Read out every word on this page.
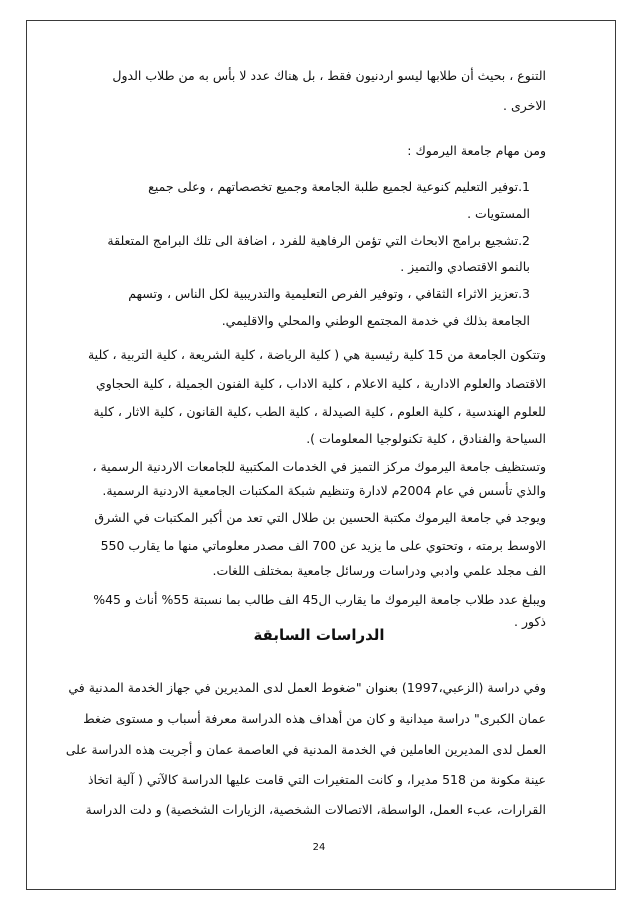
التنوع ، بحيث أن طلابها ليسو اردنيون فقط ، بل هناك عدد لا بأس به من طلاب الدول
الاخرى .
ومن مهام جامعة اليرموك :
1.توفير التعليم كنوعية لجميع طلبة الجامعة وجميع تخصصاتهم ، وعلى جميع
المستويات .
2.تشجيع برامج الابحاث التي تؤمن الرفاهية للفرد ، اضافة الى تلك البرامج المتعلقة
بالنمو الاقتصادي والتميز .
3.تعزيز الاثراء الثقافي ، وتوفير الفرص التعليمية والتدريبية لكل الناس ، وتسهم
الجامعة بذلك في خدمة المجتمع الوطني والمحلي والاقليمي.
وتتكون الجامعة من 15 كلية رئيسية هي ( كلية الرياضة ، كلية الشريعة ، كلية التربية ، كلية
الاقتصاد والعلوم الادارية ، كلية الاعلام ، كلية الاداب ، كلية الفنون الجميلة ، كلية الحجاوي
للعلوم الهندسية ، كلية العلوم ، كلية الصيدلة ، كلية الطب ،كلية القانون ، كلية الاثار ، كلية
السياحة والفنادق ، كلية تكنولوجيا المعلومات ).
وتستظيف جامعة اليرموك مركز التميز في الخدمات المكتبية للجامعات الاردنية الرسمية ،
والذي تأسس في عام 2004م لادارة وتنظيم شبكة المكتبات الجامعية الاردنية الرسمية.
ويوجد في جامعة اليرموك مكتبة الحسين بن طلال التي تعد من أكبر المكتبات في الشرق
الاوسط برمته ، وتحتوي على ما يزيد عن 700 الف مصدر معلوماتي منها ما يقارب 550
الف مجلد علمي وادبي ودراسات ورسائل جامعية بمختلف اللغات.
ويبلغ عدد طلاب جامعة اليرموك ما يقارب ال45 الف طالب بما نسبتة 55% أناث و 45%
ذكور .
الدراسات السابقة
وفي دراسة (الزعبي،1997) بعنوان "ضغوط العمل لدى المديرين في جهاز الخدمة المدنية في
عمان الكبرى" دراسة ميدانية و كان من أهداف هذه الدراسة معرفة أسباب و مستوى ضغط
العمل لدى المديرين العاملين في الخدمة المدنية في العاصمة عمان و أجريت هذه الدراسة على
عينة مكونة من 518 مديرا، و كانت المتغيرات التي قامت عليها الدراسة كالآتي ( آلية اتخاذ
القرارات، عبء العمل، الواسطة، الاتصالات الشخصية، الزيارات الشخصية) و دلت الدراسة
24
